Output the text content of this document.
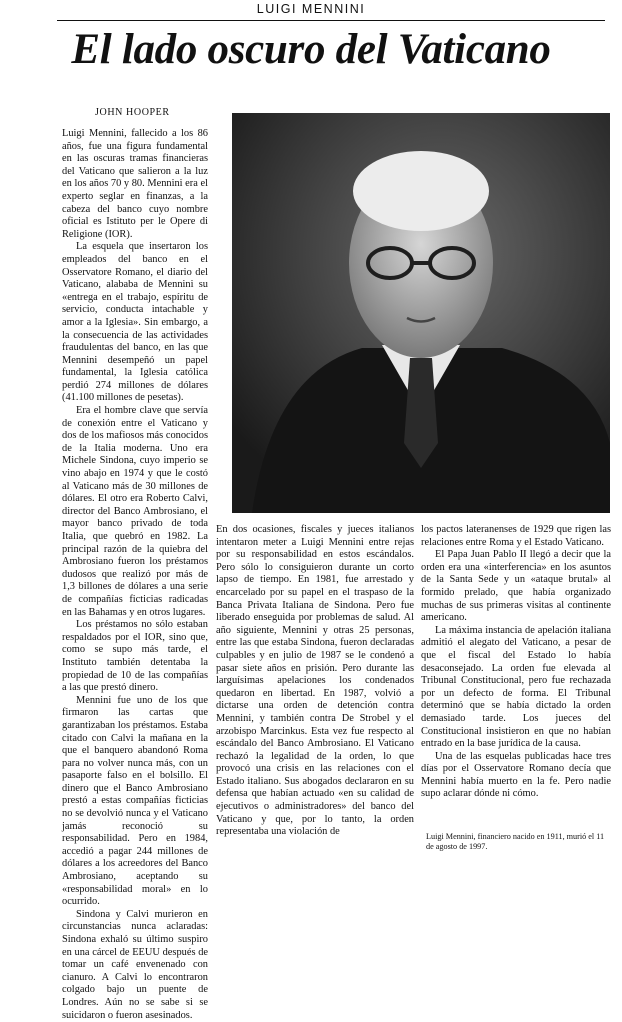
LUIGI MENNINI
El lado oscuro del Vaticano
JOHN HOOPER

Luigi Mennini, fallecido a los 86 años, fue una figura fundamental en las oscuras tramas financieras del Vaticano que salieron a la luz en los años 70 y 80. Mennini era el experto seglar en finanzas, a la cabeza del banco cuyo nombre oficial es Istituto per le Opere di Religione (IOR).

La esquela que insertaron los empleados del banco en el Osservatore Romano, el diario del Vaticano, alababa de Mennini su «entrega en el trabajo, espíritu de servicio, conducta intachable y amor a la Iglesia». Sin embargo, a la consecuencia de las actividades fraudulentas del banco, en las que Mennini desempeñó un papel fundamental, la Iglesia católica perdió 274 millones de dólares (41.100 millones de pesetas).

Era el hombre clave que servía de conexión entre el Vaticano y dos de los mafiosos más conocidos de la Italia moderna. Uno era Michele Sindona, cuyo imperio se vino abajo en 1974 y que le costó al Vaticano más de 30 millones de dólares. El otro era Roberto Calvi, director del Banco Ambrosiano, el mayor banco privado de toda Italia, que quebró en 1982. La principal razón de la quiebra del Ambrosiano fueron los préstamos dudosos que realizó por más de 1,3 billones de dólares a una serie de compañías ficticias radicadas en las Bahamas y en otros lugares.

Los préstamos no sólo estaban respaldados por el IOR, sino que, como se supo más tarde, el Instituto también detentaba la propiedad de 10 de las compañías a las que prestó dinero.

Mennini fue uno de los que firmaron las cartas que garantizaban los préstamos. Estaba citado con Calvi la mañana en la que el banquero abandonó Roma para no volver nunca más, con un pasaporte falso en el bolsillo. El dinero que el Banco Ambrosiano prestó a estas compañías ficticias no se devolvió nunca y el Vaticano jamás reconoció su responsabilidad. Pero en 1984, accedió a pagar 244 millones de dólares a los acreedores del Banco Ambrosiano, aceptando su «responsabilidad moral» en lo ocurrido.

Sindona y Calvi murieron en circunstancias nunca aclaradas: Sindona exhaló su último suspiro en una cárcel de EEUU después de tomar un café envenenado con cianuro. A Calvi lo encontraron colgado bajo un puente de Londres. Aún no se sabe si se suicidaron o fueron asesinados.

En dos ocasiones, fiscales y jueces italianos intentaron meter a Luigi Mennini entre rejas por su responsabilidad en estos escándalos. Pero sólo lo consiguieron durante un corto lapso de tiempo. En 1981, fue arrestado y encarcelado por su papel en el traspaso de la Banca Privata Italiana de Sindona. Pero fue liberado enseguida por problemas de salud. Al año siguiente, Mennini y otras 25 personas, entre las que estaba Sindona, fueron declaradas culpables y en julio de 1987 se le condenó a pasar siete años en prisión. Pero durante las larguísimas apelaciones los condenados quedaron en libertad. En 1987, volvió a dictarse una orden de detención contra Mennini, y también contra De Strobel y el arzobispo Marcinkus. Esta vez fue respecto al escándalo del Banco Ambrosiano. El Vaticano rechazó la legalidad de la orden, lo que provocó una crisis en las relaciones con el Estado italiano. Sus abogados declararon en su defensa que habían actuado «en su calidad de ejecutivos o administradores» del banco del Vaticano y que, por lo tanto, la orden representaba una violación de

los pactos lateranenses de 1929 que rigen las relaciones entre Roma y el Estado Vaticano.

El Papa Juan Pablo II llegó a decir que la orden era una «interferencia» en los asuntos de la Santa Sede y un «ataque brutal» al formido prelado, que había organizado muchas de sus primeras visitas al continente americano.

La máxima instancia de apelación italiana admitió el alegato del Vaticano, a pesar de que el fiscal del Estado lo había desaconsejado. La orden fue elevada al Tribunal Constitucional, pero fue rechazada por un defecto de forma. El Tribunal determinó que se había dictado la orden demasiado tarde. Los jueces del Constitucional insistieron en que no habían entrado en la base jurídica de la causa.

Una de las esquelas publicadas hace tres días por el Osservatore Romano decía que Mennini había muerto en la fe. Pero nadie supo aclarar dónde ni cómo.

Luigi Mennini, financiero nacido en 1911, murió el 11 de agosto de 1997.
